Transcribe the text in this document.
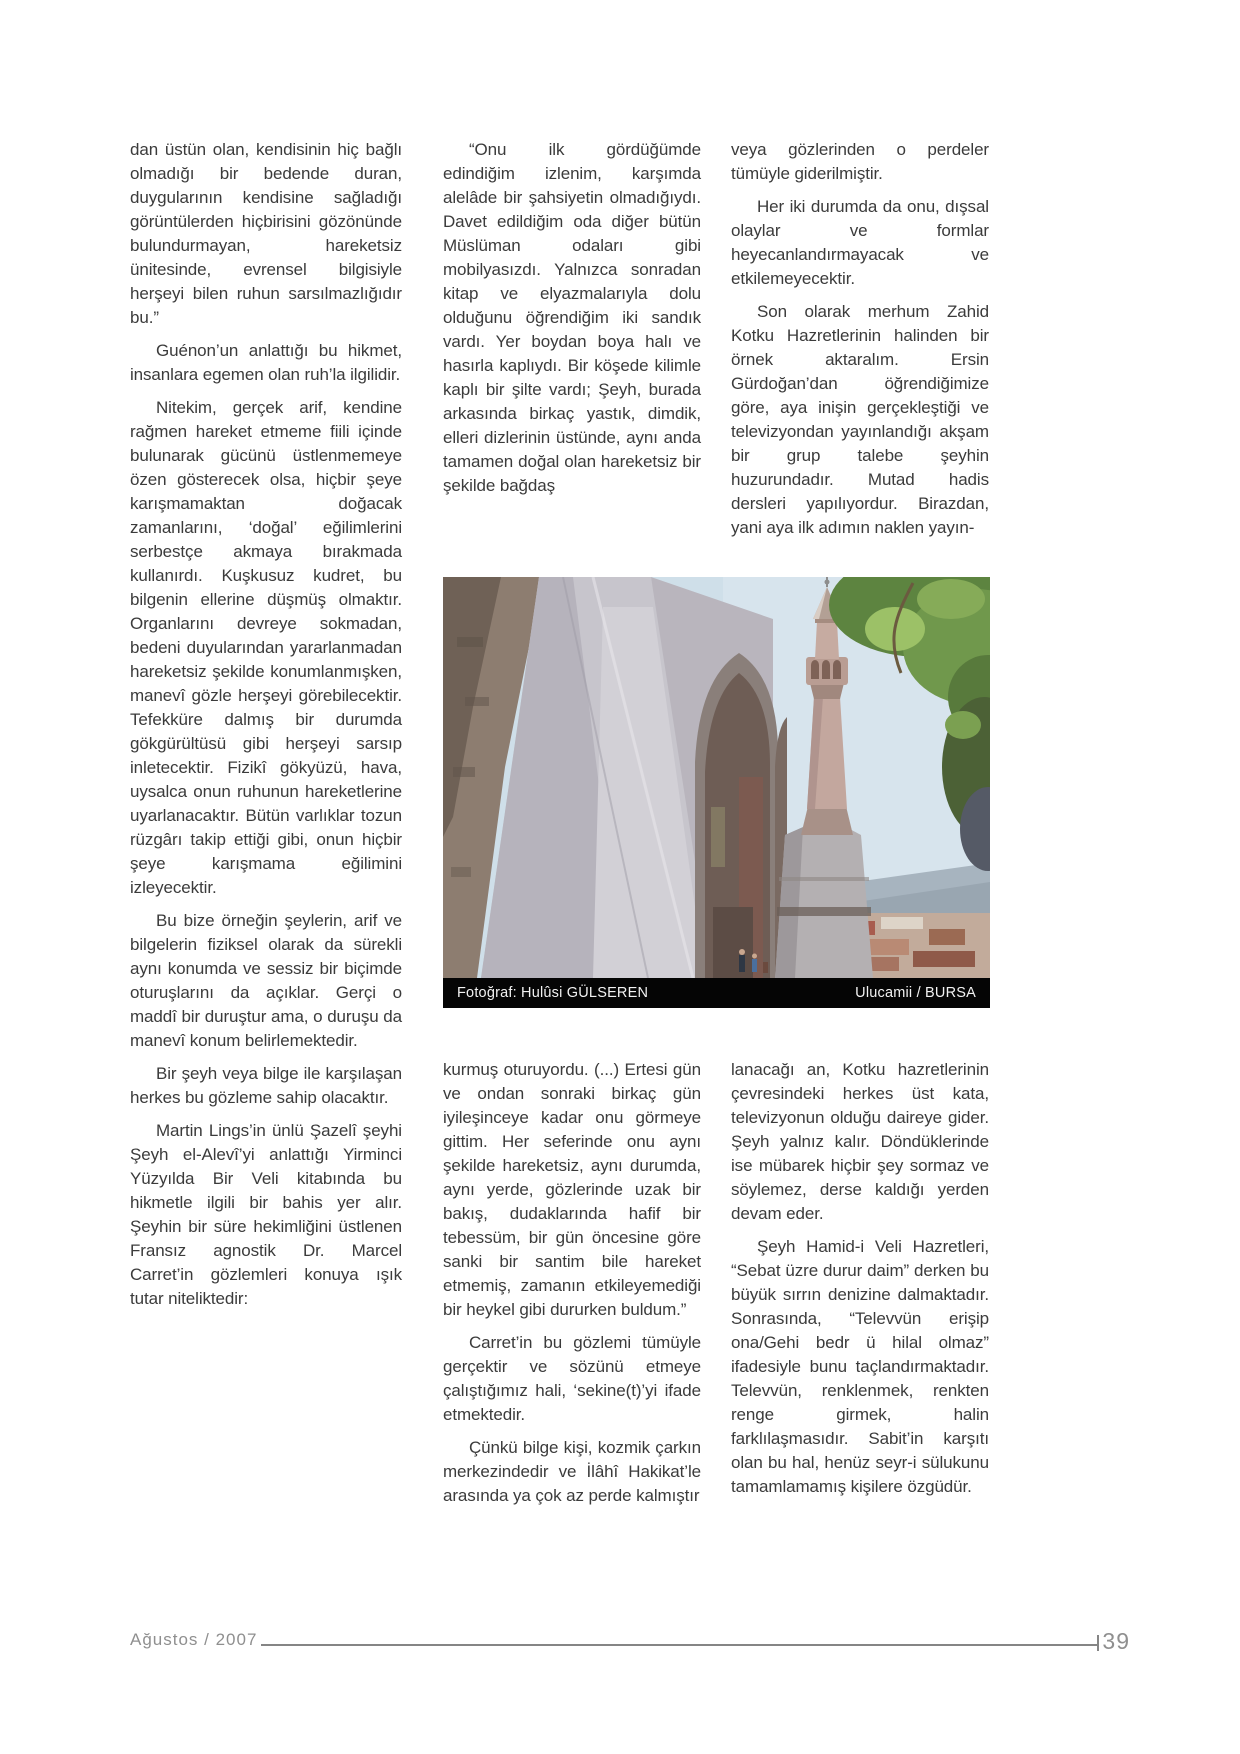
dan üstün olan, kendisinin hiç bağlı olmadığı bir bedende duran, duygularının kendisine sağladığı görüntülerden hiçbirisini gözönünde bulundurmayan, hareketsiz ünitesinde, evrensel bilgisiyle herşeyi bilen ruhun sarsılmazlığıdır bu.”

Guénon’un anlattığı bu hikmet, insanlara egemen olan ruh’la ilgilidir.

Nitekim, gerçek arif, kendine rağmen hareket etmeme fiili içinde bulunarak gücünü üstlenmemeye özen gösterecek olsa, hiçbir şeye karışmamaktan doğacak zamanlarını, ‘doğal’ eğilimlerini serbestçe akmaya bırakmada kullanırdı. Kuşkusuz kudret, bu bilgenin ellerine düşmüş olmaktır. Organlarını devreye sokmadan, bedeni duyularından yararlanmadan hareketsiz şekilde konumlanmışken, manevî gözle herşeyi görebilecektir. Tefekküre dalmış bir durumda gökgürültüsü gibi herşeyi sarsıp inletecektir. Fizikî gökyüzü, hava, uysalca onun ruhunun hareketlerine uyarlanacaktır. Bütün varlıklar tozun rüzgârı takip ettiği gibi, onun hiçbir şeye karışmama eğilimini izleyecektir.

Bu bize örneğin şeylerin, arif ve bilgelerin fiziksel olarak da sürekli aynı konumda ve sessiz bir biçimde oturuşlarını da açıklar. Gerçi o maddî bir duruştur ama, o duruşu da manevî konum belirlemektedir.

Bir şeyh veya bilge ile karşılaşan herkes bu gözleme sahip olacaktır.

Martin Lings’in ünlü Şazelî şeyhi Şeyh el-Alevî’yi anlattığı Yirminci Yüzyılda Bir Veli kitabında bu hikmetle ilgili bir bahis yer alır. Şeyhin bir süre hekimliğini üstlenen Fransız agnostik Dr. Marcel Carret’in gözlemleri konuya ışık tutar niteliktedir:

“Onu ilk gördüğümde edindiğim izlenim, karşımda alelâde bir şahsiyetin olmadığıydı. Davet edildiğim oda diğer bütün Müslüman odaları gibi mobilyasızdı. Yalnızca sonradan kitap ve elyazmalarıyla dolu olduğunu öğrendiğim iki sandık vardı. Yer boydan boya halı ve hasırla kaplıydı. Bir köşede kilimle kaplı bir şilte vardı; Şeyh, burada arkasında birkaç yastık, dimdik, elleri dizlerinin üstünde, aynı anda tamamen doğal olan hareketsiz bir şekilde bağdaş

veya gözlerinden o perdeler tümüyle giderilmiştir.

Her iki durumda da onu, dışsal olaylar ve formlar heyecanlandırmayacak ve etkilemeyecektir.

Son olarak merhum Zahid Kotku Hazretlerinin halinden bir örnek aktaralım. Ersin Gürdoğan’dan öğrendiğimize göre, aya inişin gerçekleştiği ve televizyondan yayınlandığı akşam bir grup talebe şeyhin huzurundadır. Mutad hadis dersleri yapılıyordur. Birazdan, yani aya ilk adımın naklen yayın-

Fotoğraf: Hulûsi GÜLSEREN	Ulucamii / BURSA

kurmuş oturuyordu. (...) Ertesi gün ve ondan sonraki birkaç gün iyileşinceye kadar onu görmeye gittim. Her seferinde onu aynı şekilde hareketsiz, aynı durumda, aynı yerde, gözlerinde uzak bir bakış, dudaklarında hafif bir tebessüm, bir gün öncesine göre sanki bir santim bile hareket etmemiş, zamanın etkileyemediği bir heykel gibi dururken buldum.”

Carret’in bu gözlemi tümüyle gerçektir ve sözünü etmeye çalıştığımız hali, ‘sekine(t)’yi ifade etmektedir.

Çünkü bilge kişi, kozmik çarkın merkezindedir ve İlâhî Hakikat’le arasında ya çok az perde kalmıştır

lanacağı an, Kotku hazretlerinin çevresindeki herkes üst kata, televizyonun olduğu daireye gider. Şeyh yalnız kalır. Döndüklerinde ise mübarek hiçbir şey sormaz ve söylemez, derse kaldığı yerden devam eder.

Şeyh Hamid-i Veli Hazretleri, “Sebat üzre durur daim” derken bu büyük sırrın denizine dalmaktadır. Sonrasında, “Televvün erişip ona/Gehi bedr ü hilal olmaz” ifadesiyle bunu taçlandırmaktadır. Televvün, renklenmek, renkten renge girmek, halin farklılaşmasıdır. Sabit’in karşıtı olan bu hal, henüz seyr-i sülukunu tamamlamamış kişilere özgüdür.

Ağustos / 2007	39
